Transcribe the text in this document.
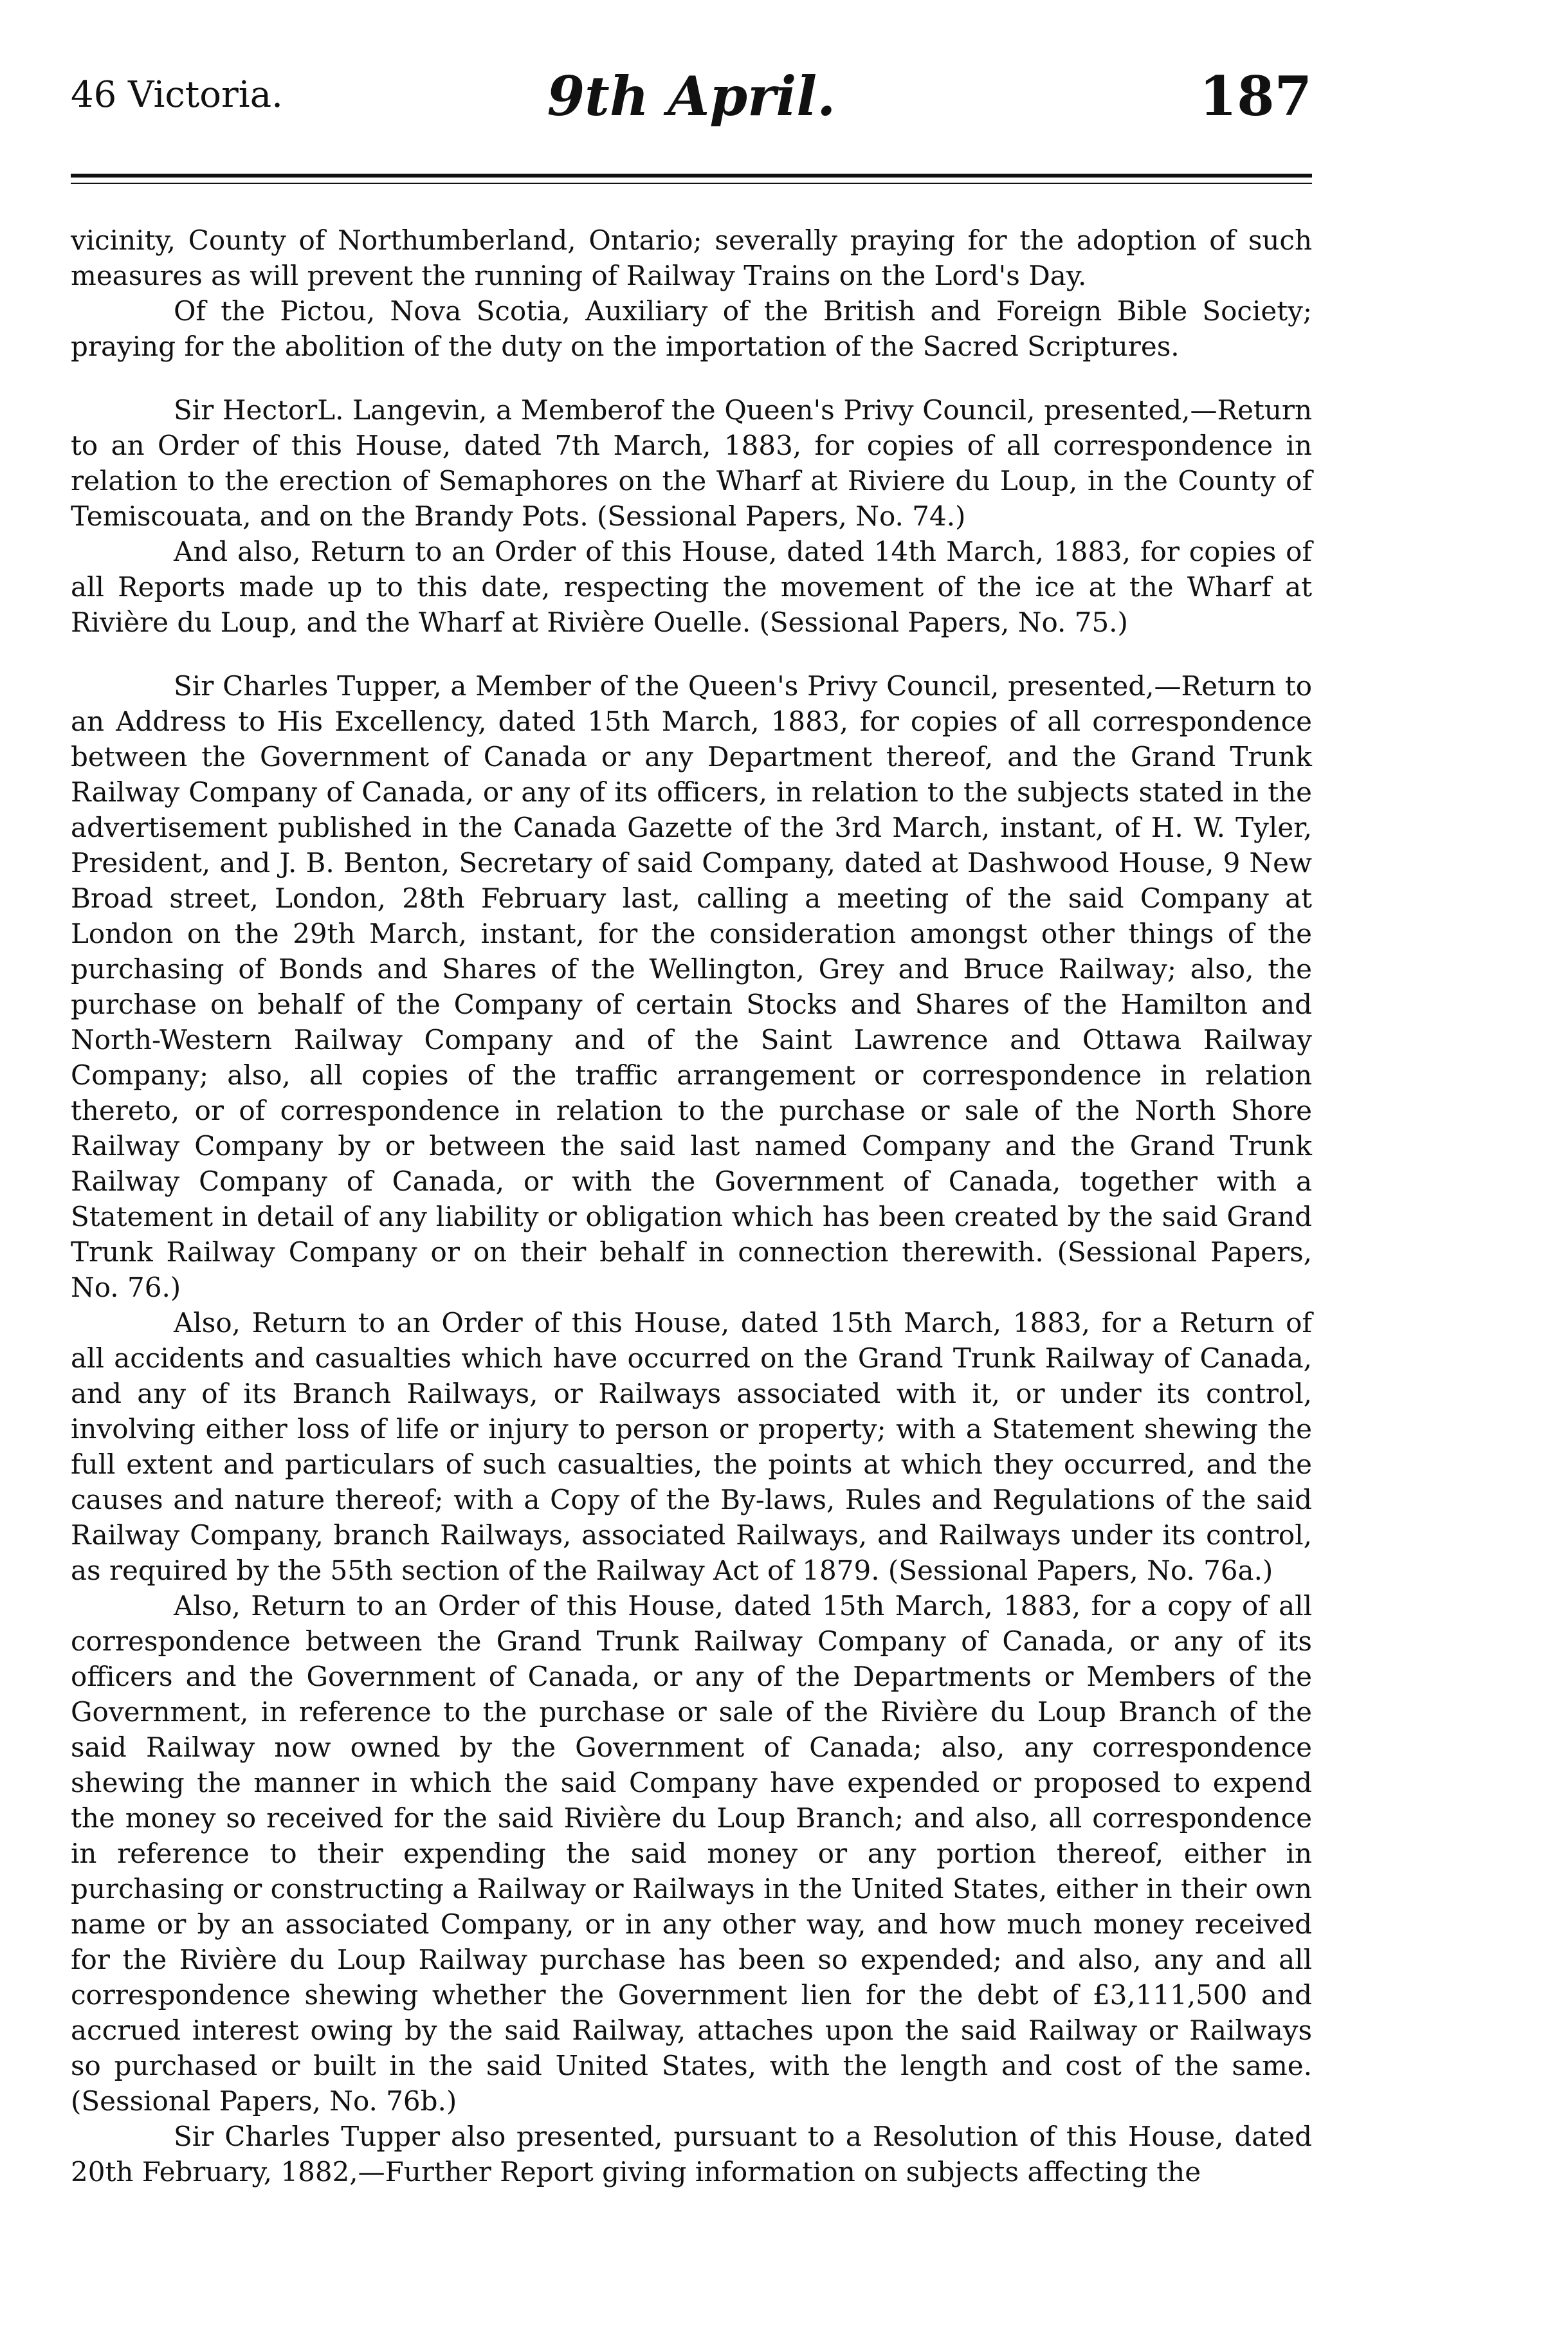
46 Victoria.	9th April.	187

vicinity, County of Northumberland, Ontario; severally praying for the adoption of such measures as will prevent the running of Railway Trains on the Lord's Day.

Of the Pictou, Nova Scotia, Auxiliary of the British and Foreign Bible Society; praying for the abolition of the duty on the importation of the Sacred Scriptures.

Sir HectorL. Langevin, a Memberof the Queen's Privy Council, presented,—Return to an Order of this House, dated 7th March, 1883, for copies of all correspondence in relation to the erection of Semaphores on the Wharf at Riviere du Loup, in the County of Temiscouata, and on the Brandy Pots. (Sessional Papers, No. 74.)

And also, Return to an Order of this House, dated 14th March, 1883, for copies of all Reports made up to this date, respecting the movement of the ice at the Wharf at Rivière du Loup, and the Wharf at Rivière Ouelle. (Sessional Papers, No. 75.)

Sir Charles Tupper, a Member of the Queen's Privy Council, presented,—Return to an Address to His Excellency, dated 15th March, 1883, for copies of all correspondence between the Government of Canada or any Department thereof, and the Grand Trunk Railway Company of Canada, or any of its officers, in relation to the subjects stated in the advertisement published in the Canada Gazette of the 3rd March, instant, of H. W. Tyler, President, and J. B. Benton, Secretary of said Company, dated at Dashwood House, 9 New Broad street, London, 28th February last, calling a meeting of the said Company at London on the 29th March, instant, for the consideration amongst other things of the purchasing of Bonds and Shares of the Wellington, Grey and Bruce Railway; also, the purchase on behalf of the Company of certain Stocks and Shares of the Hamilton and North-Western Railway Company and of the Saint Lawrence and Ottawa Railway Company; also, all copies of the traffic arrangement or correspondence in relation thereto, or of correspondence in relation to the purchase or sale of the North Shore Railway Company by or between the said last named Company and the Grand Trunk Railway Company of Canada, or with the Government of Canada, together with a Statement in detail of any liability or obligation which has been created by the said Grand Trunk Railway Company or on their behalf in connection therewith. (Sessional Papers, No. 76.)

Also, Return to an Order of this House, dated 15th March, 1883, for a Return of all accidents and casualties which have occurred on the Grand Trunk Railway of Canada, and any of its Branch Railways, or Railways associated with it, or under its control, involving either loss of life or injury to person or property; with a Statement shewing the full extent and particulars of such casualties, the points at which they occurred, and the causes and nature thereof; with a Copy of the By-laws, Rules and Regulations of the said Railway Company, branch Railways, associated Railways, and Railways under its control, as required by the 55th section of the Railway Act of 1879. (Sessional Papers, No. 76a.)

Also, Return to an Order of this House, dated 15th March, 1883, for a copy of all correspondence between the Grand Trunk Railway Company of Canada, or any of its officers and the Government of Canada, or any of the Departments or Members of the Government, in reference to the purchase or sale of the Rivière du Loup Branch of the said Railway now owned by the Government of Canada; also, any correspondence shewing the manner in which the said Company have expended or proposed to expend the money so received for the said Rivière du Loup Branch; and also, all correspondence in reference to their expending the said money or any portion thereof, either in purchasing or constructing a Railway or Railways in the United States, either in their own name or by an associated Company, or in any other way, and how much money received for the Rivière du Loup Railway purchase has been so expended; and also, any and all correspondence shewing whether the Government lien for the debt of £3,111,500 and accrued interest owing by the said Railway, attaches upon the said Railway or Railways so purchased or built in the said United States, with the length and cost of the same. (Sessional Papers, No. 76b.)

Sir Charles Tupper also presented, pursuant to a Resolution of this House, dated 20th February, 1882,—Further Report giving information on subjects affecting the
